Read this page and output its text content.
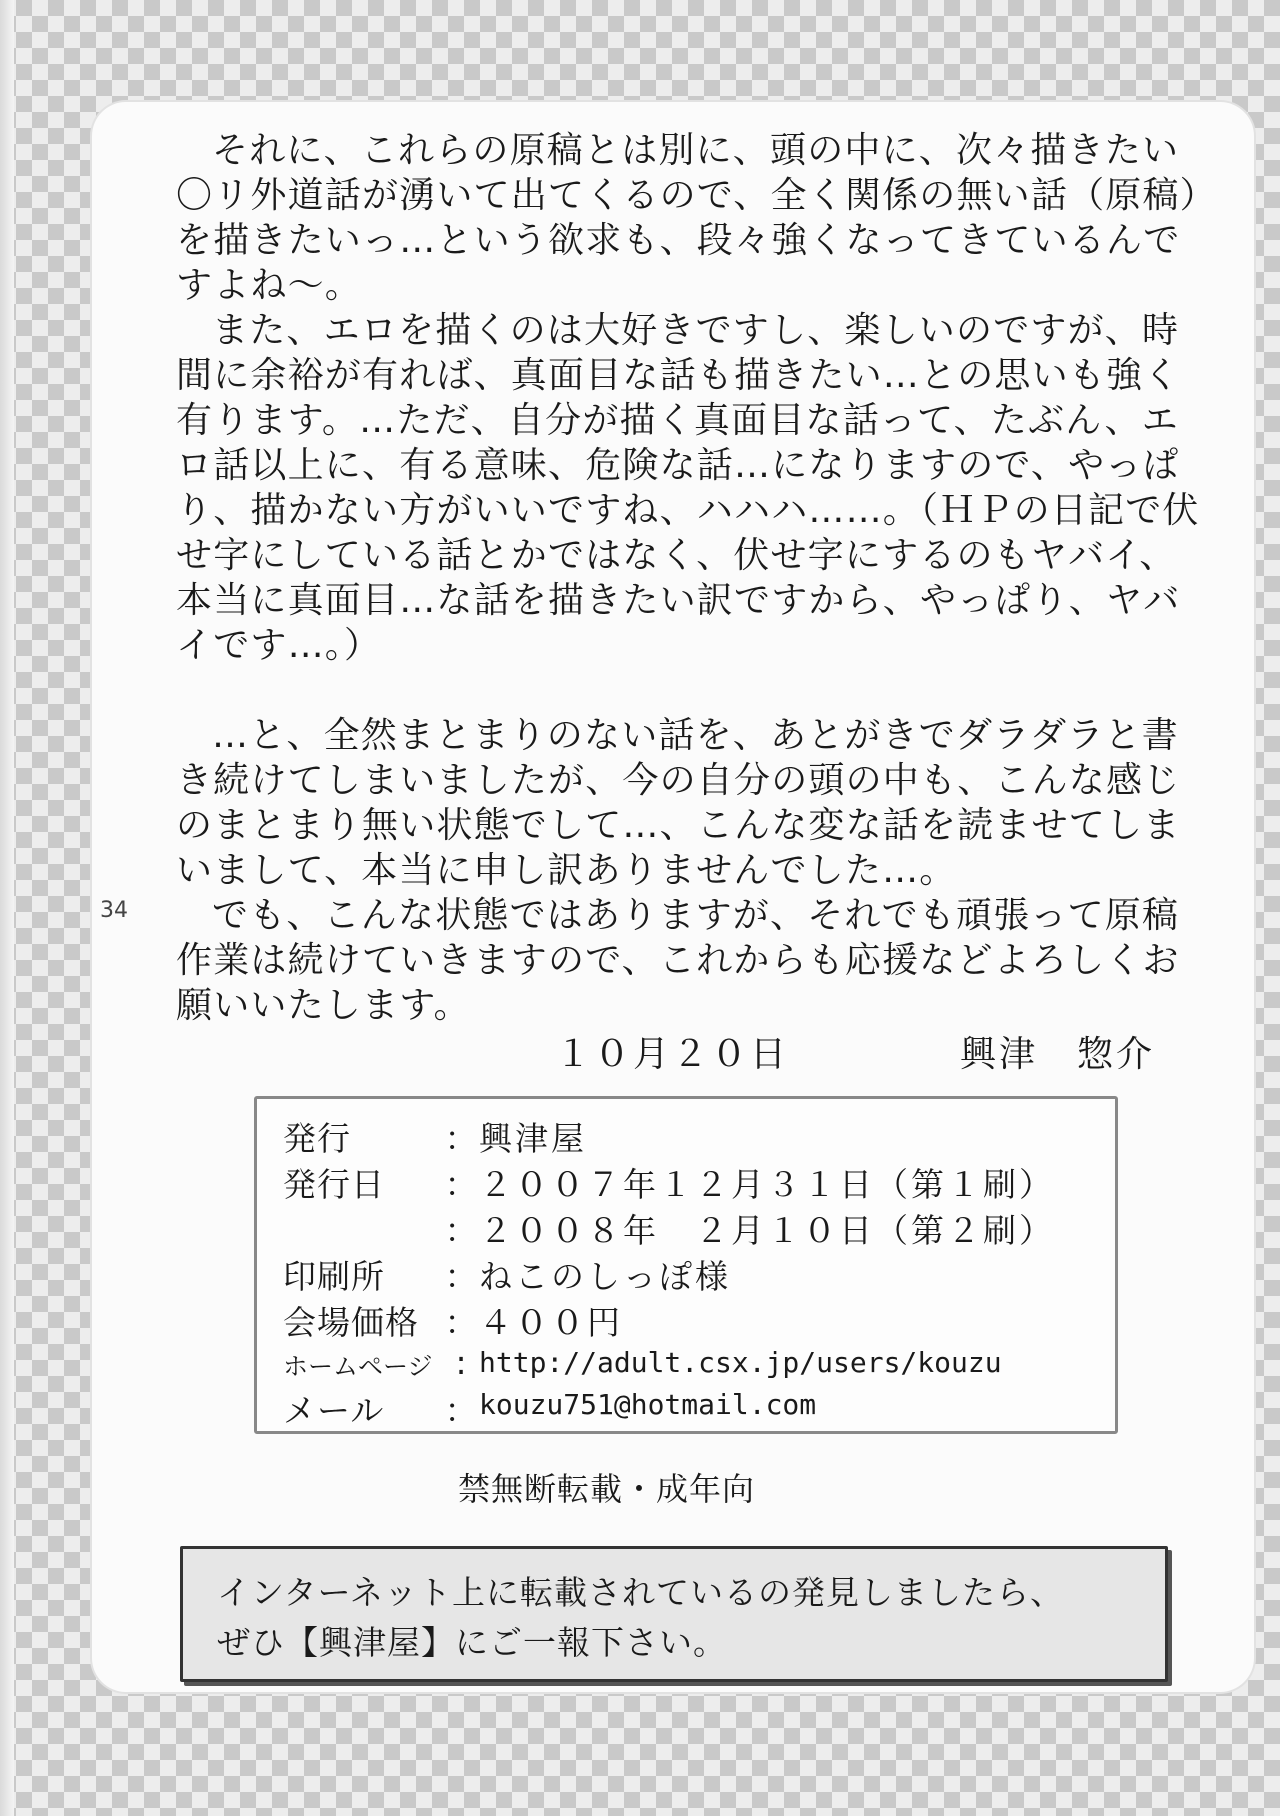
34

それに、これらの原稿とは別に、頭の中に、次々描きたい〇リ外道話が湧いて出てくるので、全く関係の無い話（原稿）を描きたいっ…という欲求も、段々強くなってきているんですよね～。

また、エロを描くのは大好きですし、楽しいのですが、時間に余裕が有れば、真面目な話も描きたい…との思いも強く有ります。…ただ、自分が描く真面目な話って、たぶん、エロ話以上に、有る意味、危険な話…になりますので、やっぱり、描かない方がいいですね、ハハハ……。（ＨＰの日記で伏せ字にしている話とかではなく、伏せ字にするのもヤバイ、本当に真面目…な話を描きたい訳ですから、やっぱり、ヤバイです…。）

…と、全然まとまりのない話を、あとがきでダラダラと書き続けてしまいましたが、今の自分の頭の中も、こんな感じのまとまり無い状態でして…、こんな変な話を読ませてしまいまして、本当に申し訳ありませんでした…。

でも、こんな状態ではありますが、それでも頑張って原稿作業は続けていきますので、これからも応援などよろしくお願いいたします。

１０月２０日	興津　惣介
発行	： 興津屋
発行日	： ２００７年１２月３１日（第１刷）
： ２００８年　２月１０日（第２刷）
印刷所	： ねこのしっぽ様
会場価格 ： ４００円
ホームページ : http://adult.csx.jp/users/kouzu
メール	： kouzu751@hotmail.com
禁無断転載・成年向
インターネット上に転載されているの発見しましたら、
ぜひ【興津屋】にご一報下さい。
